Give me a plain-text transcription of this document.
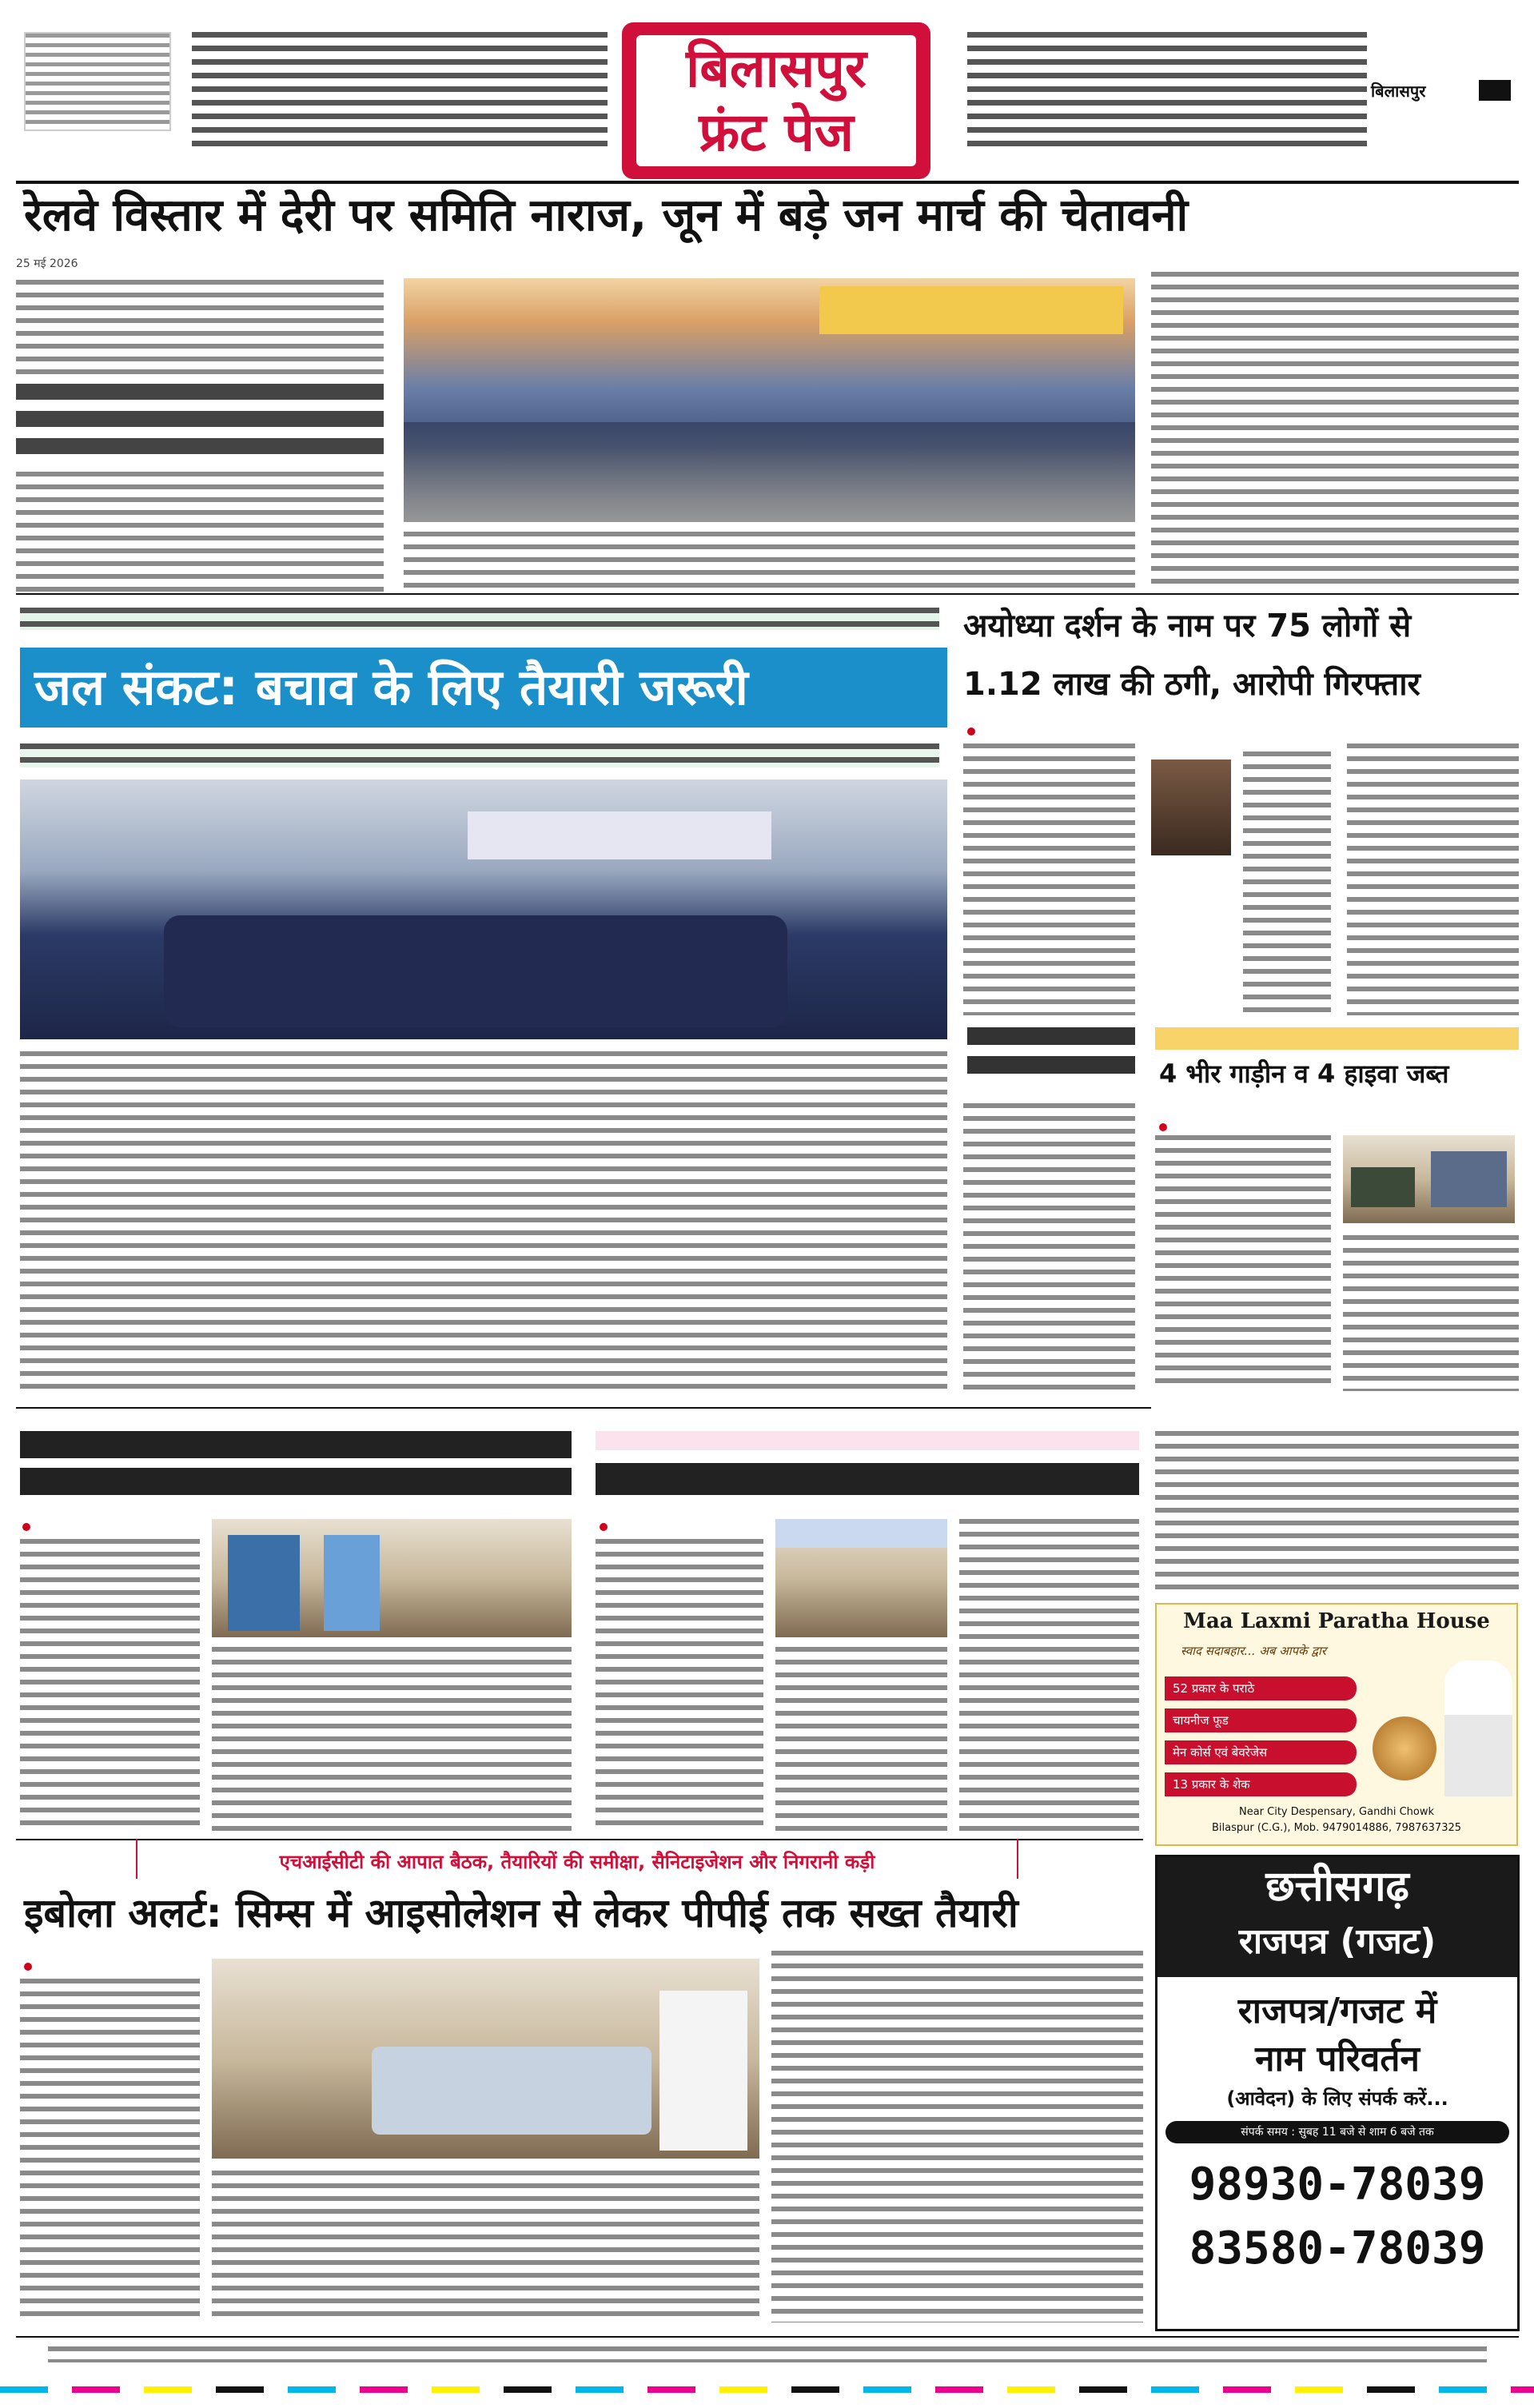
बिलासपुर
फ्रंट पेज
बिलासपुर
रेलवे विस्तार में देरी पर समिति नाराज, जून में बड़े जन मार्च की चेतावनी
25 मई 2026
जल संकट: बचाव के लिए तैयारी जरूरी
अयोध्या दर्शन के नाम पर 75 लोगों से
1.12 लाख की ठगी, आरोपी गिरफ्तार
4 भीर गाड़ीन व 4 हाइवा जब्त
Maa Laxmi Paratha House
स्वाद सदाबहार... अब आपके द्वार
52 प्रकार के पराठे
चायनीज फूड
मेन कोर्स एवं बेवरेजेस
13 प्रकार के शेक
Near City Despensary, Gandhi Chowk
Bilaspur (C.G.), Mob. 9479014886, 7987637325
छत्तीसगढ़
राजपत्र (गजट)
राजपत्र/गजट में
नाम परिवर्तन
(आवेदन) के लिए संपर्क करें...
संपर्क समय : सुबह 11 बजे से शाम 6 बजे तक
98930-78039
83580-78039
एचआईसीटी की आपात बैठक, तैयारियों की समीक्षा, सैनिटाइजेशन और निगरानी कड़ी
इबोला अलर्ट: सिम्स में आइसोलेशन से लेकर पीपीई तक सख्त तैयारी
